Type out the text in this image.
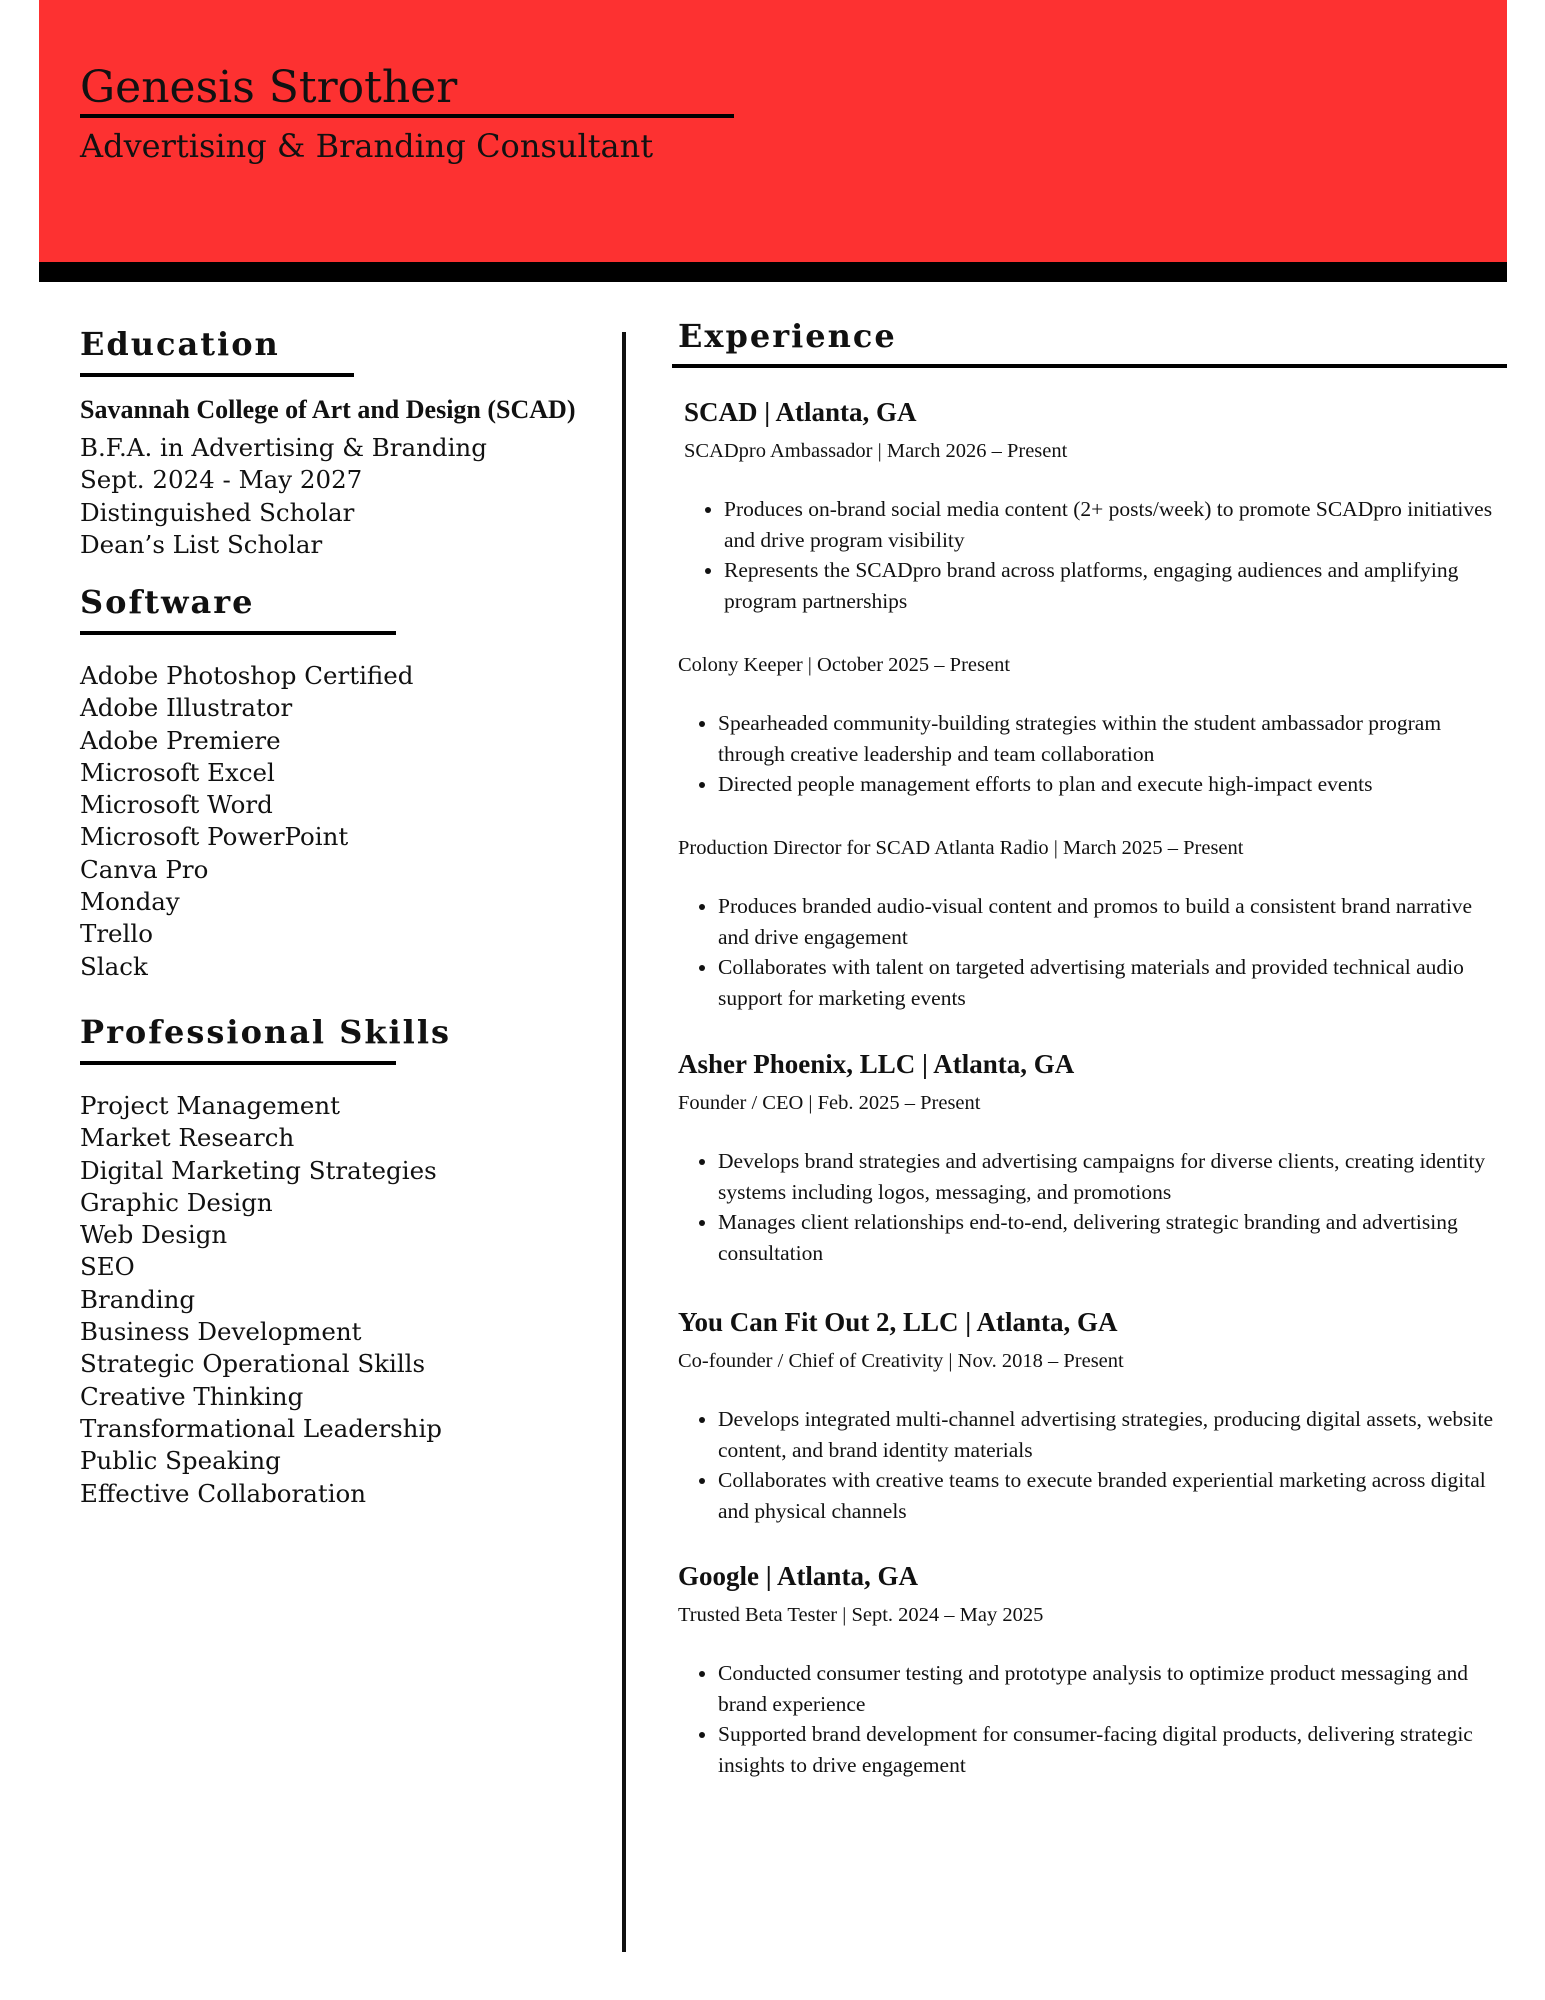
Genesis Strother
Advertising & Branding Consultant
Education
Savannah College of Art and Design (SCAD)
B.F.A. in Advertising & Branding
Sept. 2024 - May 2027
Distinguished Scholar
Dean’s List Scholar
Software
Adobe Photoshop Certified
Adobe Illustrator
Adobe Premiere
Microsoft Excel
Microsoft Word
Microsoft PowerPoint
Canva Pro
Monday
Trello
Slack
Professional Skills
Project Management
Market Research
Digital Marketing Strategies
Graphic Design
Web Design
SEO
Branding
Business Development
Strategic Operational Skills
Creative Thinking
Transformational Leadership
Public Speaking
Effective Collaboration
Experience
SCAD | Atlanta, GA
SCADpro Ambassador | March 2026 – Present
• Produces on-brand social media content (2+ posts/week) to promote SCADpro initiatives and drive program visibility
• Represents the SCADpro brand across platforms, engaging audiences and amplifying program partnerships
Colony Keeper | October 2025 – Present
• Spearheaded community-building strategies within the student ambassador program through creative leadership and team collaboration
• Directed people management efforts to plan and execute high-impact events
Production Director for SCAD Atlanta Radio | March 2025 – Present
• Produces branded audio-visual content and promos to build a consistent brand narrative and drive engagement
• Collaborates with talent on targeted advertising materials and provided technical audio support for marketing events
Asher Phoenix, LLC | Atlanta, GA
Founder / CEO | Feb. 2025 – Present
• Develops brand strategies and advertising campaigns for diverse clients, creating identity systems including logos, messaging, and promotions
• Manages client relationships end-to-end, delivering strategic branding and advertising consultation
You Can Fit Out 2, LLC | Atlanta, GA
Co-founder / Chief of Creativity | Nov. 2018 – Present
• Develops integrated multi-channel advertising strategies, producing digital assets, website content, and brand identity materials
• Collaborates with creative teams to execute branded experiential marketing across digital and physical channels
Google | Atlanta, GA
Trusted Beta Tester | Sept. 2024 – May 2025
• Conducted consumer testing and prototype analysis to optimize product messaging and brand experience
• Supported brand development for consumer-facing digital products, delivering strategic insights to drive engagement
